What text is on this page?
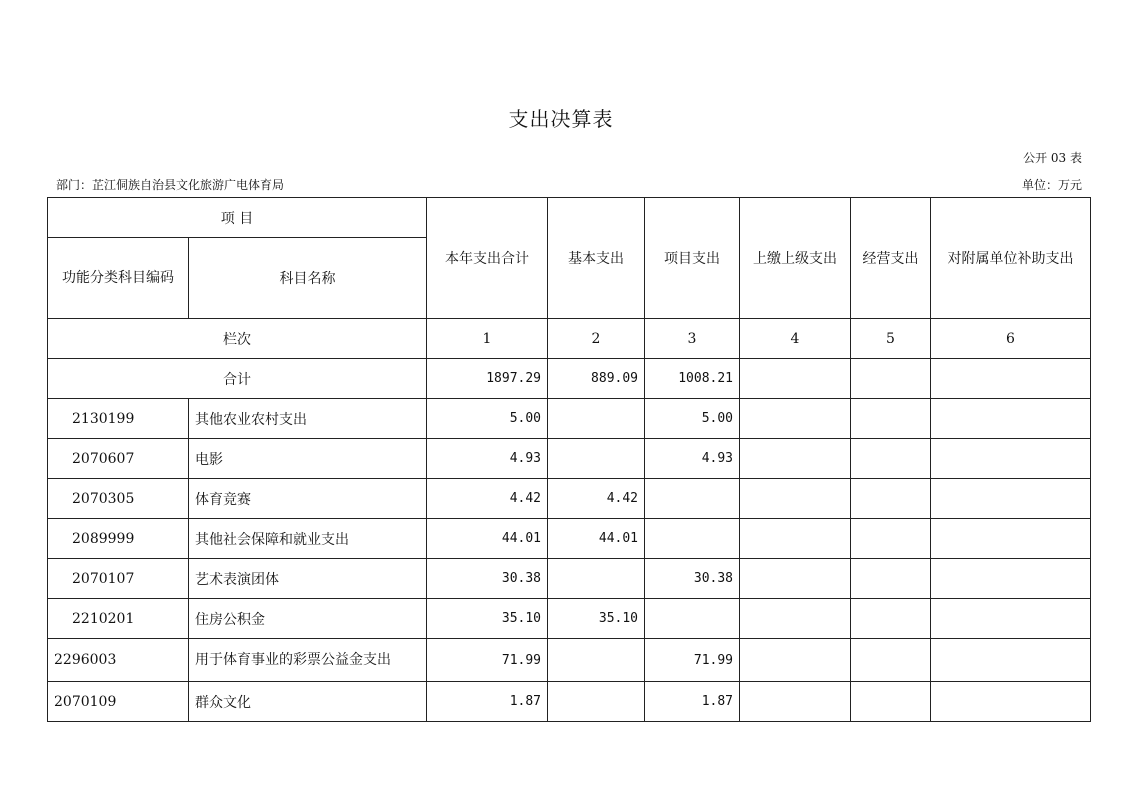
支出决算表
公开 03 表
部门：芷江侗族自治县文化旅游广电体育局	单位：万元
项 目		本年支出合计	基本支出	项目支出	上缴上级支出	经营支出	对附属单位补助支出
功能分类科目编码	科目名称						
栏次		1	2	3	4	5	6
合计		1897.29	889.09	1008.21			
2130199	其他农业农村支出	5.00		5.00			
2070607	电影	4.93		4.93			
2070305	体育竞赛	4.42	4.42				
2089999	其他社会保障和就业支出	44.01	44.01				
2070107	艺术表演团体	30.38		30.38			
2210201	住房公积金	35.10	35.10				
2296003	用于体育事业的彩票公益金支出	71.99		71.99			
2070109	群众文化	1.87		1.87			
